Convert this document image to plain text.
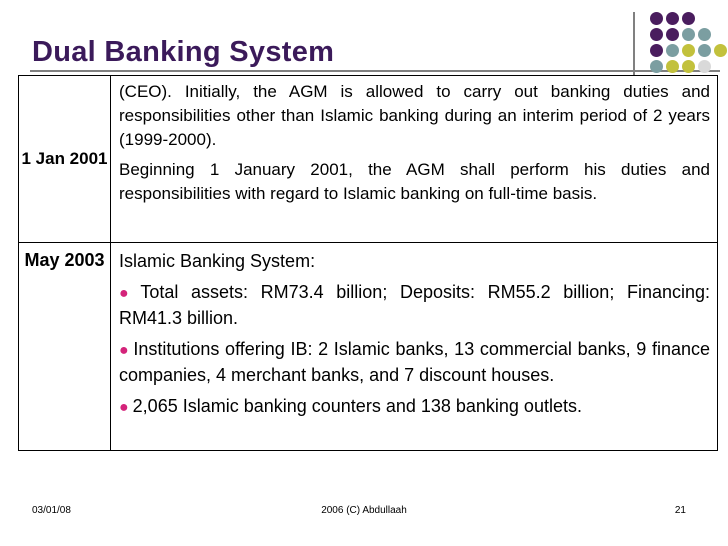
Dual Banking System
1 Jan 2001	(CEO). Initially, the AGM is allowed to carry out banking duties and responsibilities other than Islamic banking during an interim period of 2 years (1999-2000).

Beginning 1 January 2001, the AGM shall perform his duties and responsibilities with regard to Islamic banking on full-time basis.

May 2003	Islamic Banking System:

● Total assets: RM73.4 billion; Deposits: RM55.2 billion; Financing: RM41.3 billion.

● Institutions offering IB: 2 Islamic banks, 13 commercial banks, 9 finance companies, 4 merchant banks, and 7 discount houses.

● 2,065 Islamic banking counters and 138 banking outlets.

03/01/08	2006 (C) Abdullaah	21
